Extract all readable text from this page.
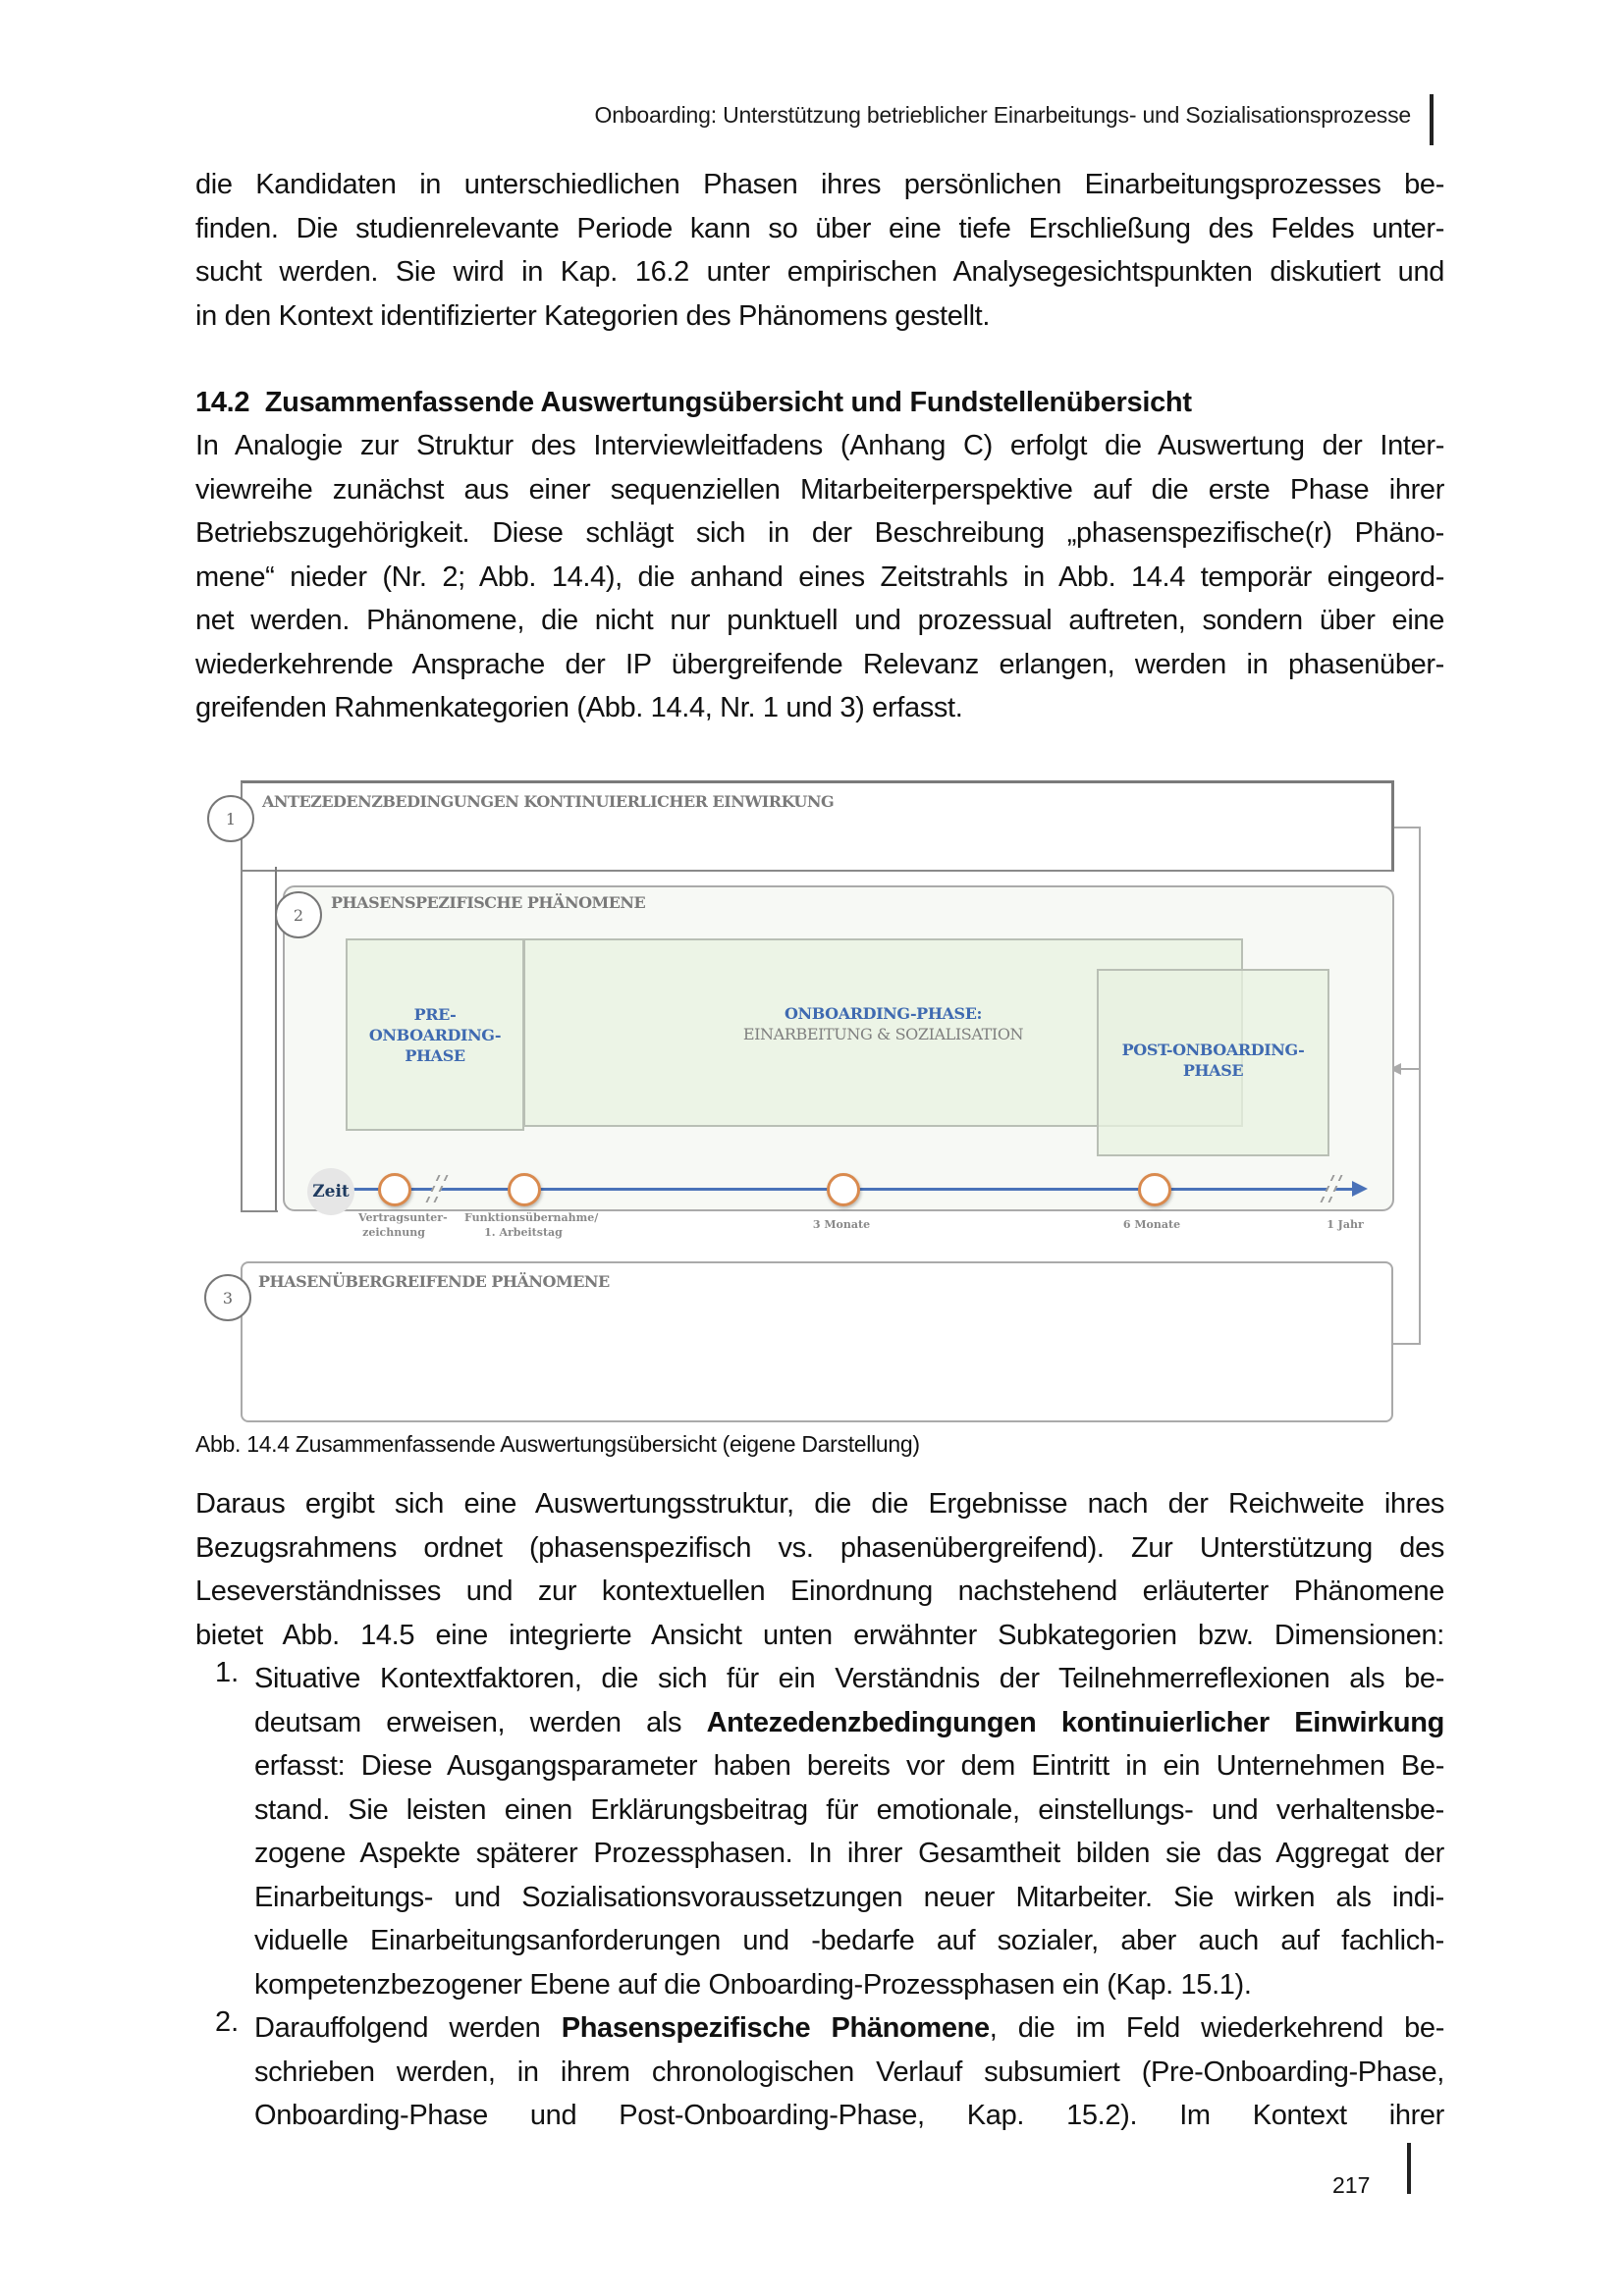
Onboarding: Unterstützung betrieblicher Einarbeitungs- und Sozialisationsprozesse
die Kandidaten in unterschiedlichen Phasen ihres persönlichen Einarbeitungsprozesses be-
finden. Die studienrelevante Periode kann so über eine tiefe Erschließung des Feldes unter-
sucht werden. Sie wird in Kap. 16.2 unter empirischen Analysegesichtspunkten diskutiert und
in den Kontext identifizierter Kategorien des Phänomens gestellt.
14.2 Zusammenfassende Auswertungsübersicht und Fundstellenübersicht
In Analogie zur Struktur des Interviewleitfadens (Anhang C) erfolgt die Auswertung der Inter-
viewreihe zunächst aus einer sequenziellen Mitarbeiterperspektive auf die erste Phase ihrer
Betriebszugehörigkeit. Diese schlägt sich in der Beschreibung „phasenspezifische(r) Phäno-
mene“ nieder (Nr. 2; Abb. 14.4), die anhand eines Zeitstrahls in Abb. 14.4 temporär eingeord-
net werden. Phänomene, die nicht nur punktuell und prozessual auftreten, sondern über eine
wiederkehrende Ansprache der IP übergreifende Relevanz erlangen, werden in phasenüber-
greifenden Rahmenkategorien (Abb. 14.4, Nr. 1 und 3) erfasst.
1
ANTEZEDENZBEDINGUNGEN KONTINUIERLICHER EINWIRKUNG
PRE-
ONBOARDING-
PHASE
ONBOARDING-PHASE:
EINARBEITUNG & SOZIALISATION
POST-ONBOARDING-
PHASE
2
PHASENSPEZIFISCHE PHÄNOMENE
Zeit
Vertragsunter-
zeichnung
Funktionsübernahme/
1. Arbeitstag
3 Monate	6 Monate	1 Jahr
3
PHASENÜBERGREIFENDE PHÄNOMENE
Abb. 14.4 Zusammenfassende Auswertungsübersicht (eigene Darstellung)
Daraus ergibt sich eine Auswertungsstruktur, die die Ergebnisse nach der Reichweite ihres
Bezugsrahmens ordnet (phasenspezifisch vs. phasenübergreifend). Zur Unterstützung des
Leseverständnisses und zur kontextuellen Einordnung nachstehend erläuterter Phänomene
bietet Abb. 14.5 eine integrierte Ansicht unten erwähnter Subkategorien bzw. Dimensionen:
1. Situative Kontextfaktoren, die sich für ein Verständnis der Teilnehmerreflexionen als be-
deutsam erweisen, werden als Antezedenzbedingungen kontinuierlicher Einwirkung
erfasst: Diese Ausgangsparameter haben bereits vor dem Eintritt in ein Unternehmen Be-
stand. Sie leisten einen Erklärungsbeitrag für emotionale, einstellungs- und verhaltensbe-
zogene Aspekte späterer Prozessphasen. In ihrer Gesamtheit bilden sie das Aggregat der
Einarbeitungs- und Sozialisationsvoraussetzungen neuer Mitarbeiter. Sie wirken als indi-
viduelle Einarbeitungsanforderungen und -bedarfe auf sozialer, aber auch auf fachlich-
kompetenzbezogener Ebene auf die Onboarding-Prozessphasen ein (Kap. 15.1).
2. Darauffolgend werden Phasenspezifische Phänomene, die im Feld wiederkehrend be-
schrieben werden, in ihrem chronologischen Verlauf subsumiert (Pre-Onboarding-Phase,
Onboarding-Phase und Post-Onboarding-Phase, Kap. 15.2). Im Kontext ihrer
217
